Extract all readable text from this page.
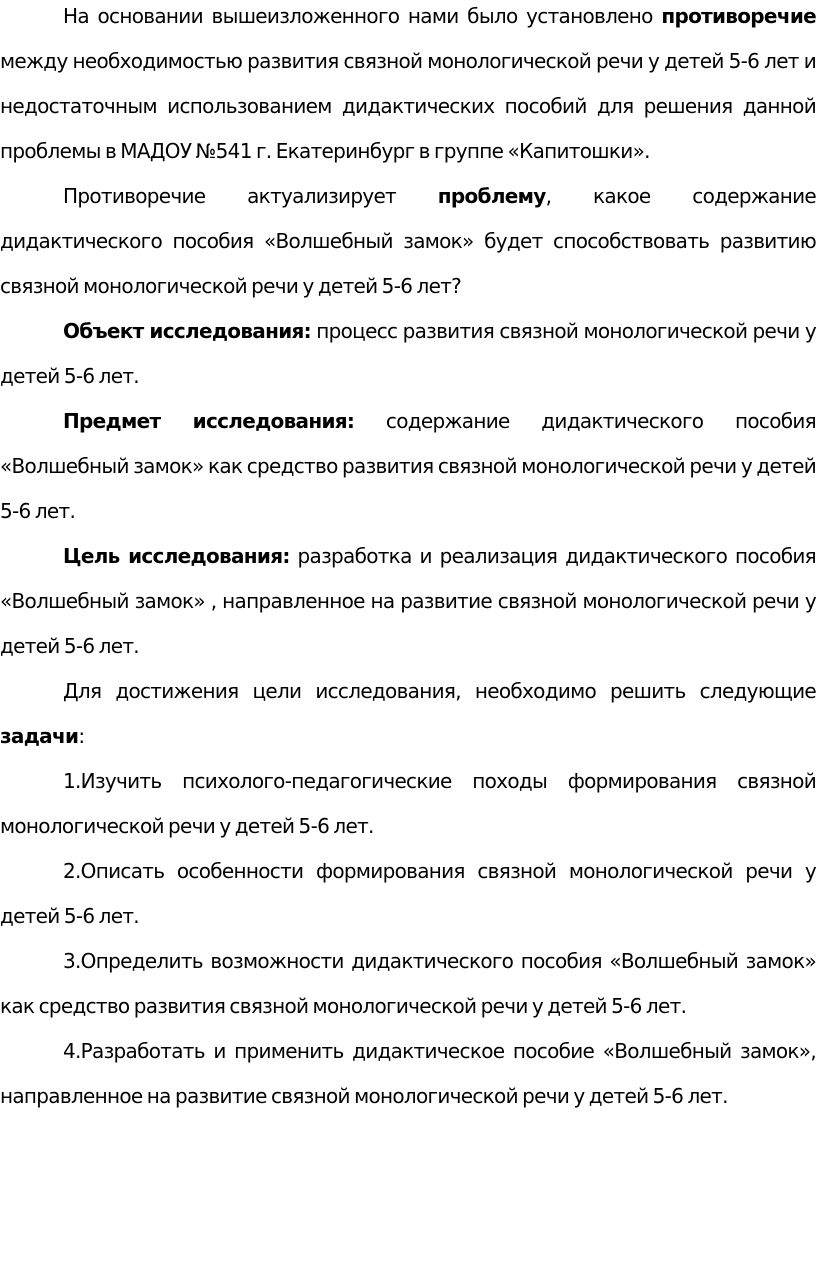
На основании вышеизложенного нами было установлено противоречие между необходимостью развития связной монологической речи у детей 5-6 лет и недостаточным использованием дидактических пособий для решения данной проблемы в МАДОУ №541 г. Екатеринбург в группе «Капитошки».

Противоречие актуализирует проблему, какое содержание дидактического пособия «Волшебный замок» будет способствовать развитию связной монологической речи у детей 5-6 лет?

Объект исследования: процесс развития связной монологической речи у детей 5-6 лет.

Предмет исследования: содержание дидактического пособия «Волшебный замок» как средство развития связной монологической речи у детей 5-6 лет.

Цель исследования: разработка и реализация дидактического пособия «Волшебный замок» , направленное на развитие связной монологической речи у детей 5-6 лет.

Для достижения цели исследования, необходимо решить следующие задачи:

1.Изучить психолого-педагогические походы формирования связной монологической речи у детей 5-6 лет.

2.Описать особенности формирования связной монологической речи у детей 5-6 лет.

3.Определить возможности дидактического пособия «Волшебный замок» как средство развития связной монологической речи у детей 5-6 лет.

4.Разработать и применить дидактическое пособие «Волшебный замок», направленное на развитие связной монологической речи у детей 5-6 лет.
